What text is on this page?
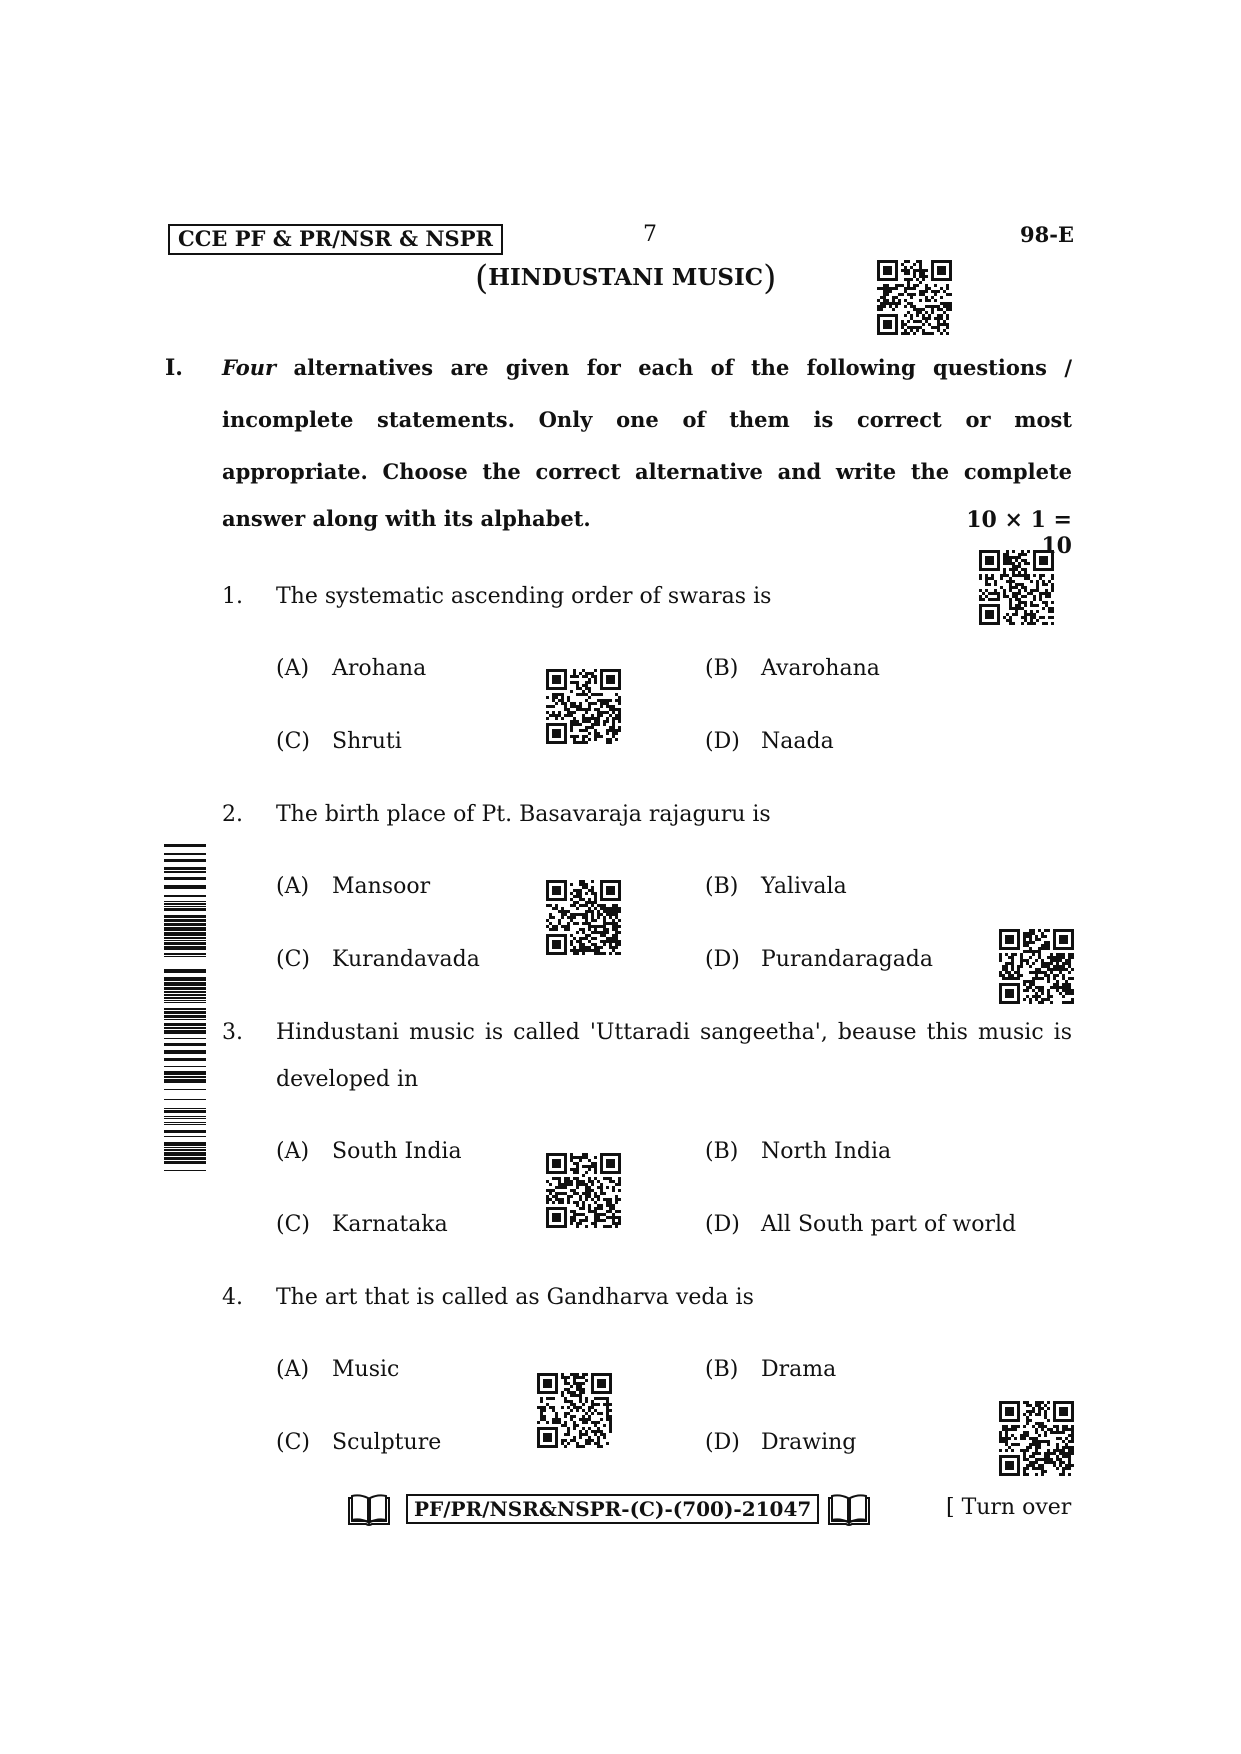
CCE PF & PR/NSR & NSPR	7	98-E
(HINDUSTANI MUSIC)
I. Four alternatives are given for each of the following questions /
incomplete statements. Only one of them is correct or most
appropriate. Choose the correct alternative and write the complete
answer along with its alphabet.	10 × 1 = 10
1. The systematic ascending order of swaras is
(A) Arohana	(B) Avarohana
(C) Shruti	(D) Naada
2. The birth place of Pt. Basavaraja rajaguru is
(A) Mansoor	(B) Yalivala
(C) Kurandavada	(D) Purandaragada
3. Hindustani music is called 'Uttaradi sangeetha', beause this music is
developed in
(A) South India	(B) North India
(C) Karnataka	(D) All South part of world
4. The art that is called as Gandharva veda is
(A) Music	(B) Drama
(C) Sculpture	(D) Drawing
PF/PR/NSR&NSPR-(C)-(700)-21047	[ Turn over
